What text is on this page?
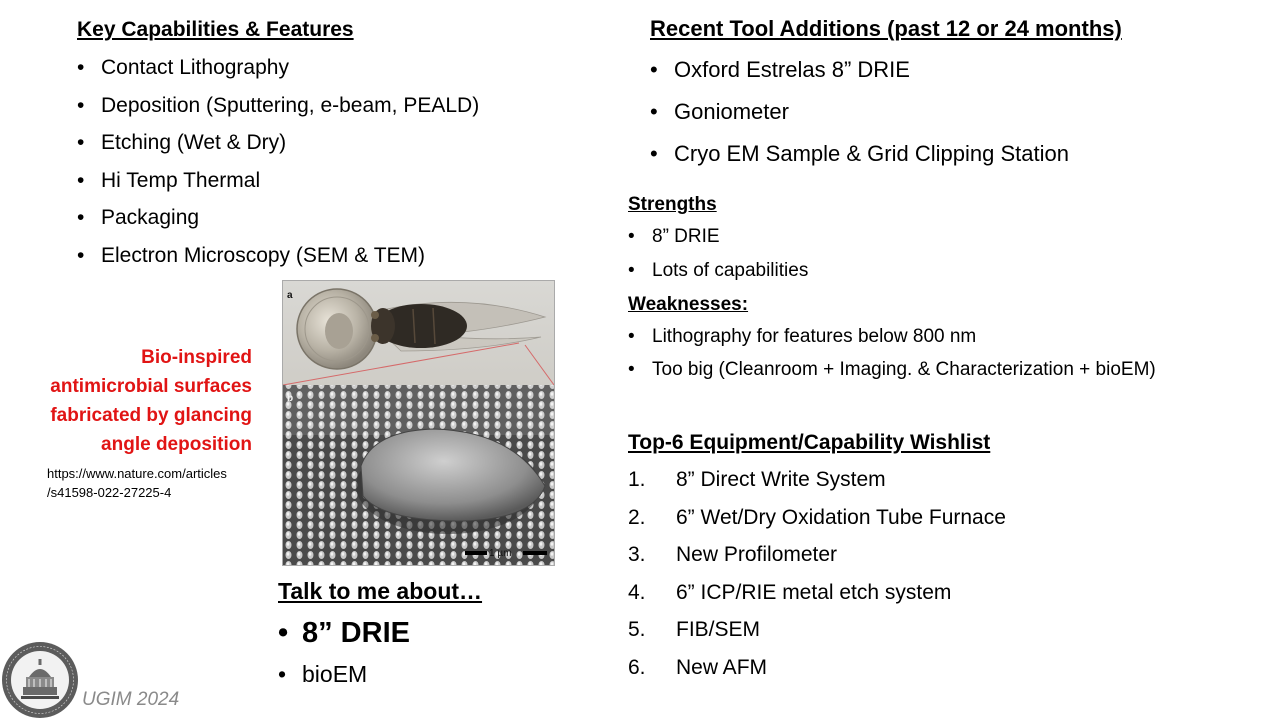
Key Capabilities & Features
• Contact Lithography
• Deposition (Sputtering, e-beam, PEALD)
• Etching (Wet & Dry)
• Hi Temp Thermal
• Packaging
• Electron Microscopy (SEM & TEM)
Recent Tool Additions (past 12 or 24 months)
• Oxford Estrelas 8” DRIE
• Goniometer
• Cryo EM Sample & Grid Clipping Station
Strengths
• 8” DRIE
• Lots of capabilities
Weaknesses:
• Lithography for features below 800 nm
• Too big (Cleanroom + Imaging. & Characterization + bioEM)
Top-6 Equipment/Capability Wishlist
1. 8” Direct Write System
2. 6” Wet/Dry Oxidation Tube Furnace
3. New Profilometer
4. 6” ICP/RIE metal etch system
5. FIB/SEM
6. New AFM
Bio-inspired
antimicrobial surfaces
fabricated by glancing
angle deposition
https://www.nature.com/articles
/s41598-022-27225-4
a
b
1 µm
Talk to me about…
• 8” DRIE
• bioEM
UGIM 2024
